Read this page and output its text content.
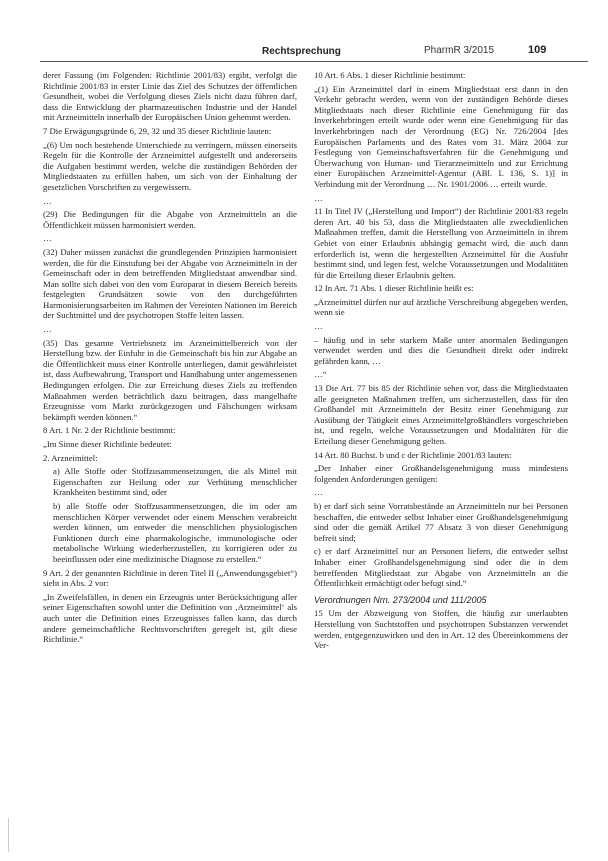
Rechtsprechung	PharmR 3/2015	109

derer Fassung (im Folgenden: Richtlinie 2001/83) ergibt, verfolgt die Richtlinie 2001/83 in erster Linie das Ziel des Schutzes der öffentlichen Gesundheit, wobei die Verfolgung dieses Ziels nicht dazu führen darf, dass die Entwicklung der pharmazeutischen Industrie und der Handel mit Arzneimitteln innerhalb der Europäischen Union gehemmt werden.

7 Die Erwägungsgründe 6, 29, 32 und 35 dieser Richtlinie lauten:

„(6) Um noch bestehende Unterschiede zu verringern, müssen einerseits Regeln für die Kontrolle der Arzneimittel aufgestellt und andererseits die Aufgaben bestimmt werden, welche die zuständigen Behörden der Mitgliedstaaten zu erfüllen haben, um sich von der Einhaltung der gesetzlichen Vorschriften zu vergewissern.

…

(29) Die Bedingungen für die Abgabe von Arzneimitteln an die Öffentlichkeit müssen harmonisiert werden.

…

(32) Daher müssen zunächst die grundlegenden Prinzipien harmonisiert werden, die für die Einstufung bei der Abgabe von Arzneimitteln in der Gemeinschaft oder in dem betreffenden Mitgliedstaat anwendbar sind. Man sollte sich dabei von den vom Europarat in diesem Bereich bereits festgelegten Grundsätzen sowie von den durchgeführten Harmonisierungsarbeiten im Rahmen der Vereinten Nationen im Bereich der Suchtmittel und der psychotropen Stoffe leiten lassen.

…

(35) Das gesamte Vertriebsnetz im Arzneimittelbereich von der Herstellung bzw. der Einfuhr in die Gemeinschaft bis hin zur Abgabe an die Öffentlichkeit muss einer Kontrolle unterliegen, damit gewährleistet ist, dass Aufbewahrung, Transport und Handhabung unter angemessenen Bedingungen erfolgen. Die zur Erreichung dieses Ziels zu treffenden Maßnahmen werden beträchtlich dazu beitragen, dass mangelhafte Erzeugnisse vom Markt zurückgezogen und Fälschungen wirksam bekämpft werden können.“

8 Art. 1 Nr. 2 der Richtlinie bestimmt:

„Im Sinne dieser Richtlinie bedeutet:

2. Arzneimittel:

a) Alle Stoffe oder Stoffzusammensetzungen, die als Mittel mit Eigenschaften zur Heilung oder zur Verhütung menschlicher Krankheiten bestimmt sind, oder

b) alle Stoffe oder Stoffzusammensetzungen, die im oder am menschlichen Körper verwendet oder einem Menschen verabreicht werden können, um entweder die menschlichen physiologischen Funktionen durch eine pharmakologische, immunologische oder metabolische Wirkung wiederherzustellen, zu korrigieren oder zu beeinflussen oder eine medizinische Diagnose zu erstellen.“

9 Art. 2 der genannten Richtlinie in deren Titel II („Anwendungsgebiet“) sieht in Abs. 2 vor:

„In Zweifelsfällen, in denen ein Erzeugnis unter Berücksichtigung aller seiner Eigenschaften sowohl unter die Definition von ‚Arzneimittel‘ als auch unter die Definition eines Erzeugnisses fallen kann, das durch andere gemeinschaftliche Rechtsvorschriften geregelt ist, gilt diese Richtlinie.“

10 Art. 6 Abs. 1 dieser Richtlinie bestimmt:

„(1) Ein Arzneimittel darf in einem Mitgliedstaat erst dann in den Verkehr gebracht werden, wenn von der zuständigen Behörde dieses Mitgliedstaats nach dieser Richtlinie eine Genehmigung für das Inverkehrbringen erteilt wurde oder wenn eine Genehmigung für das Inverkehrbringen nach der Verordnung (EG) Nr. 726/2004 [des Europäischen Parlaments und des Rates vom 31. März 2004 zur Festlegung von Gemeinschaftsverfahren für die Genehmigung und Überwachung von Human- und Tierarzneimitteln und zur Errichtung einer Europäischen Arzneimittel-Agentur (ABl. L 136, S. 1)] in Verbindung mit der Verordnung … Nr. 1901/2006 … erteilt wurde.

…

11 In Titel IV („Herstellung und Import“) der Richtlinie 2001/83 regeln deren Art. 40 bis 53, dass die Mitgliedstaaten alle zweckdienlichen Maßnahmen treffen, damit die Herstellung von Arzneimitteln in ihrem Gebiet von einer Erlaubnis abhängig gemacht wird, die auch dann erforderlich ist, wenn die hergestellten Arzneimittel für die Ausfuhr bestimmt sind, und legen fest, welche Voraussetzungen und Modalitäten für die Erteilung dieser Erlaubnis gelten.

12 In Art. 71 Abs. 1 dieser Richtlinie heißt es:

„Arzneimittel dürfen nur auf ärztliche Verschreibung abgegeben werden, wenn sie

…

– häufig und in sehr starkem Maße unter anormalen Bedingungen verwendet werden und dies die Gesundheit direkt oder indirekt gefährden kann, …

…“

13 Die Art. 77 bis 85 der Richtlinie sehen vor, dass die Mitgliedstaaten alle geeigneten Maßnahmen treffen, um sicherzustellen, dass für den Großhandel mit Arzneimitteln der Besitz einer Genehmigung zur Ausübung der Tätigkeit eines Arzneimittelgroßhändlers vorgeschrieben ist, und regeln, welche Voraussetzungen und Modalitäten für die Erteilung dieser Genehmigung gelten.

14 Art. 80 Buchst. b und c der Richtlinie 2001/83 lauten:

„Der Inhaber einer Großhandelsgenehmigung muss mindestens folgenden Anforderungen genügen:

…

b) er darf sich seine Vorratsbestände an Arzneimitteln nur bei Personen beschaffen, die entweder selbst Inhaber einer Großhandelsgenehmigung sind oder die gemäß Artikel 77 Absatz 3 von dieser Genehmigung befreit sind;

c) er darf Arzneimittel nur an Personen liefern, die entweder selbst Inhaber einer Großhandelsgenehmigung sind oder die in dem betreffenden Mitgliedstaat zur Abgabe von Arzneimitteln an die Öffentlichkeit ermächtigt oder befugt sind.“

Verordnungen Nrn. 273/2004 und 111/2005

15 Um der Abzweigung von Stoffen, die häufig zur unerlaubten Herstellung von Suchtstoffen und psychotropen Substanzen verwendet werden, entgegenzuwirken und den in Art. 12 des Übereinkommens der Ver-
